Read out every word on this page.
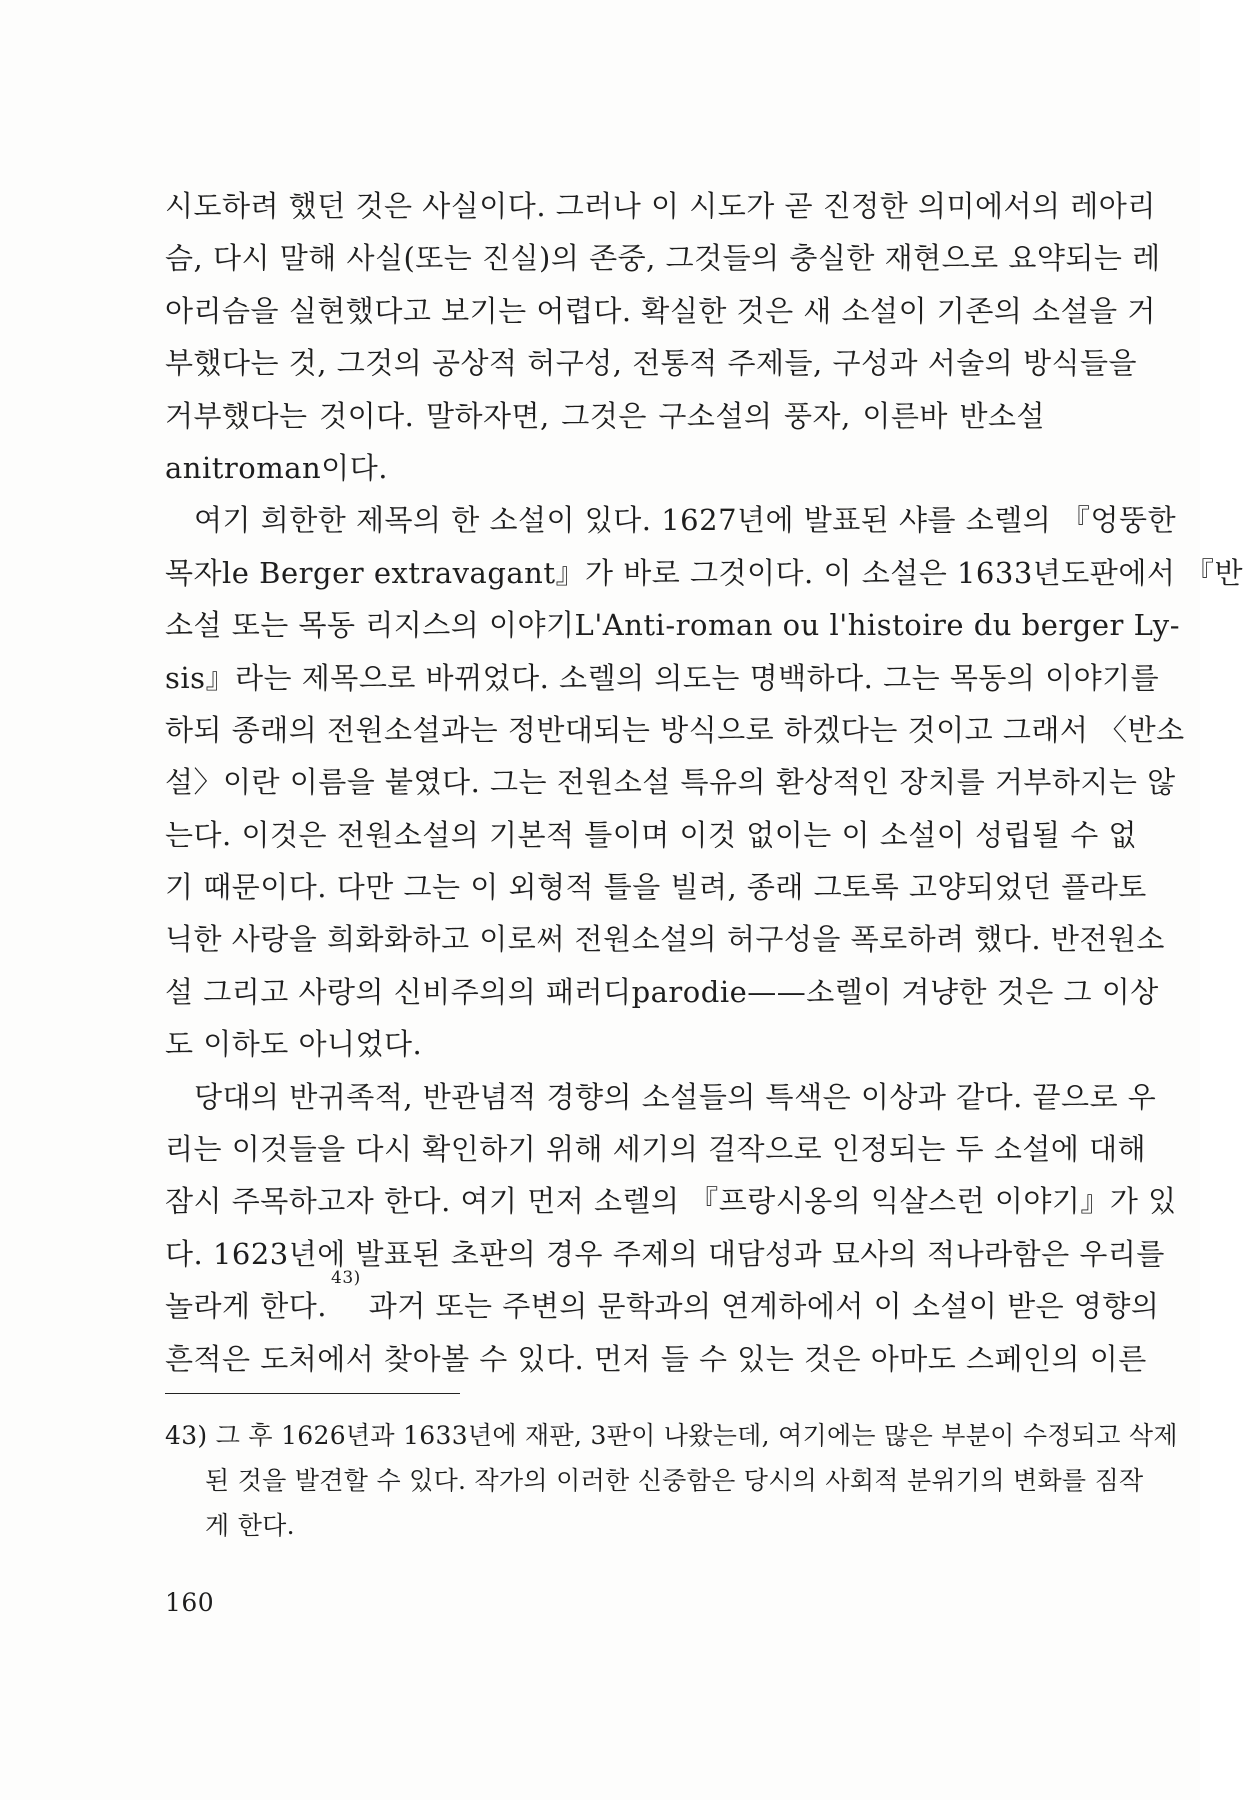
시도하려 했던 것은 사실이다. 그러나 이 시도가 곧 진정한 의미에서의 레아리
슴, 다시 말해 사실(또는 진실)의 존중, 그것들의 충실한 재현으로 요약되는 레
아리슴을 실현했다고 보기는 어렵다. 확실한 것은 새 소설이 기존의 소설을 거
부했다는 것, 그것의 공상적 허구성, 전통적 주제들, 구성과 서술의 방식들을
거부했다는 것이다. 말하자면, 그것은 구소설의 풍자, 이른바 반소설
anitroman이다.
여기 희한한 제목의 한 소설이 있다. 1627년에 발표된 샤를 소렐의 『엉뚱한
목자le Berger extravagant』가 바로 그것이다. 이 소설은 1633년도판에서 『반
소설 또는 목동 리지스의 이야기L'Anti-roman ou l'histoire du berger Ly-
sis』라는 제목으로 바뀌었다. 소렐의 의도는 명백하다. 그는 목동의 이야기를
하되 종래의 전원소설과는 정반대되는 방식으로 하겠다는 것이고 그래서 〈반소
설〉이란 이름을 붙였다. 그는 전원소설 특유의 환상적인 장치를 거부하지는 않
는다. 이것은 전원소설의 기본적 틀이며 이것 없이는 이 소설이 성립될 수 없
기 때문이다. 다만 그는 이 외형적 틀을 빌려, 종래 그토록 고양되었던 플라토
닉한 사랑을 희화화하고 이로써 전원소설의 허구성을 폭로하려 했다. 반전원소
설 그리고 사랑의 신비주의의 패러디parodie——소렐이 겨냥한 것은 그 이상
도 이하도 아니었다.
당대의 반귀족적, 반관념적 경향의 소설들의 특색은 이상과 같다. 끝으로 우
리는 이것들을 다시 확인하기 위해 세기의 걸작으로 인정되는 두 소설에 대해
잠시 주목하고자 한다. 여기 먼저 소렐의 『프랑시옹의 익살스런 이야기』가 있
다. 1623년에 발표된 초판의 경우 주제의 대담성과 묘사의 적나라함은 우리를
놀라게 한다.
$^{43)}$
과거 또는 주변의 문학과의 연계하에서 이 소설이 받은 영향의
흔적은 도처에서 찾아볼 수 있다. 먼저 들 수 있는 것은 아마도 스페인의 이른
43) 그 후 1626년과 1633년에 재판, 3판이 나왔는데, 여기에는 많은 부분이 수정되고 삭제
된 것을 발견할 수 있다. 작가의 이러한 신중함은 당시의 사회적 분위기의 변화를 짐작
게 한다.
160
